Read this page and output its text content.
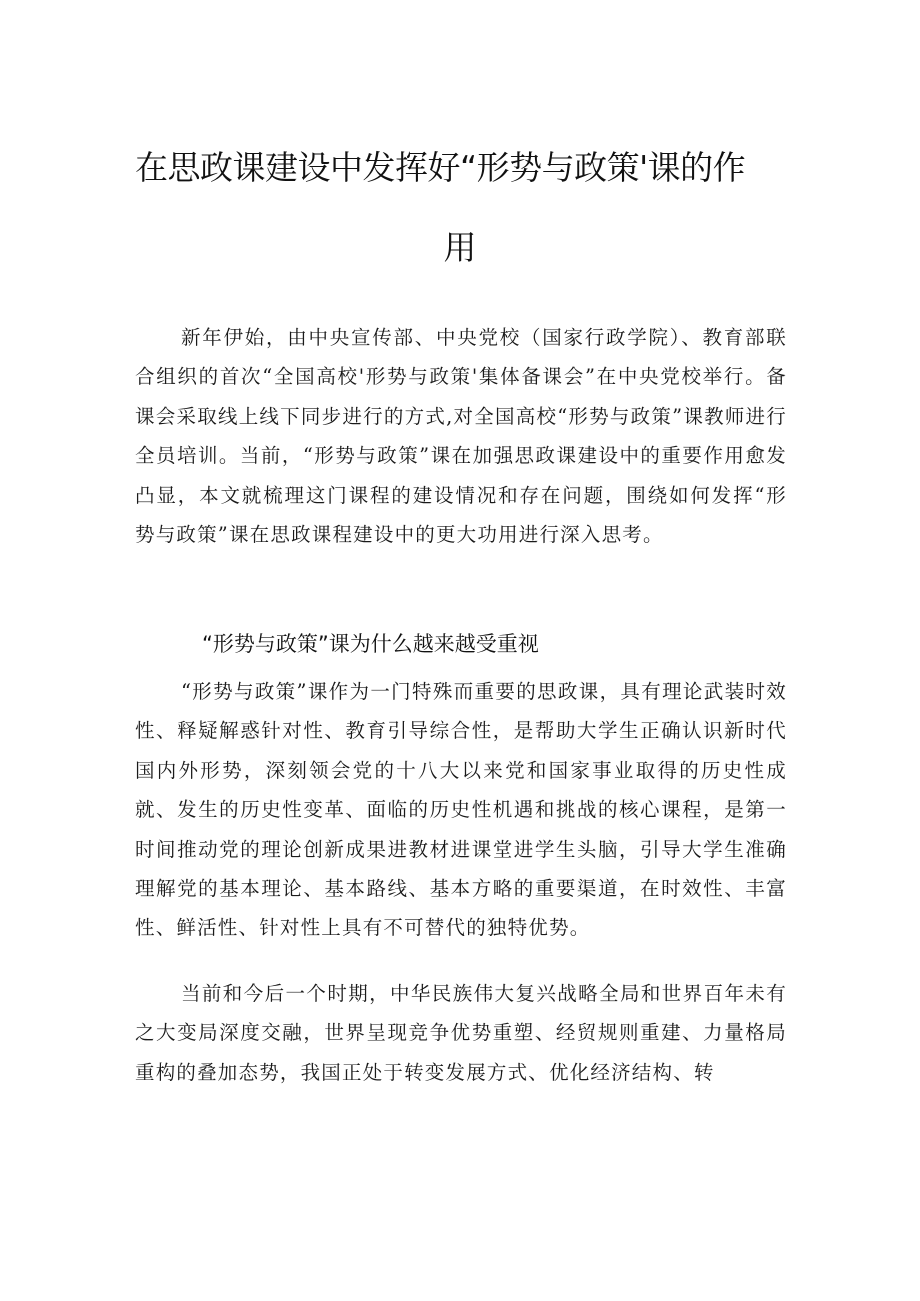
在思政课建设中发挥好“形势与政策'课的作
用

新年伊始，由中央宣传部、中央党校（国家行政学院）、教育部联合组织的首次“全国高校'形势与政策'集体备课会”在中央党校举行。备课会采取线上线下同步进行的方式,对全国高校“形势与政策”课教师进行全员培训。当前，“形势与政策”课在加强思政课建设中的重要作用愈发凸显，本文就梳理这门课程的建设情况和存在问题，围绕如何发挥“形势与政策”课在思政课程建设中的更大功用进行深入思考。

“形势与政策”课为什么越来越受重视

“形势与政策”课作为一门特殊而重要的思政课，具有理论武装时效性、释疑解惑针对性、教育引导综合性，是帮助大学生正确认识新时代国内外形势，深刻领会党的十八大以来党和国家事业取得的历史性成就、发生的历史性变革、面临的历史性机遇和挑战的核心课程，是第一时间推动党的理论创新成果进教材进课堂进学生头脑，引导大学生准确理解党的基本理论、基本路线、基本方略的重要渠道，在时效性、丰富性、鲜活性、针对性上具有不可替代的独特优势。

当前和今后一个时期，中华民族伟大复兴战略全局和世界百年未有之大变局深度交融，世界呈现竞争优势重塑、经贸规则重建、力量格局重构的叠加态势，我国正处于转变发展方式、优化经济结构、转
